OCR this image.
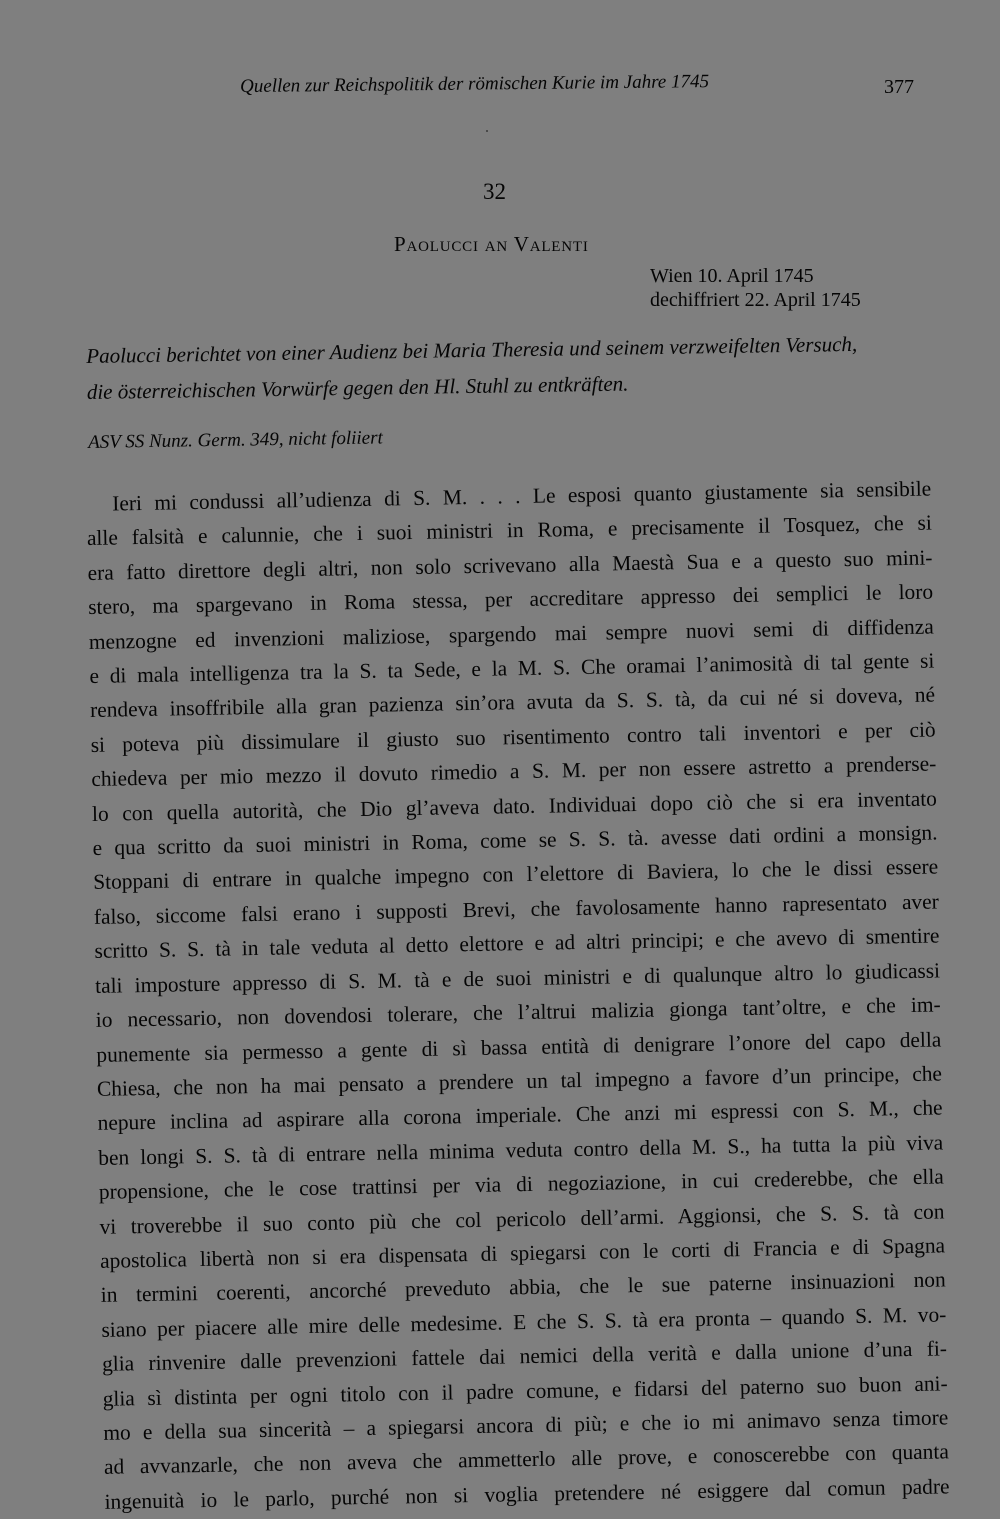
Quellen zur Reichspolitik der römischen Kurie im Jahre 1745	377
32
Paolucci an Valenti
Wien 10. April 1745
dechiffriert 22. April 1745
Paolucci berichtet von einer Audienz bei Maria Theresia und seinem verzweifelten Versuch,
die österreichischen Vorwürfe gegen den Hl. Stuhl zu entkräften.
ASV SS Nunz. Germ. 349, nicht foliiert
Ieri mi condussi all’udienza di S. M. . . . Le esposi quanto giustamente sia sensibile
alle falsità e calunnie, che i suoi ministri in Roma, e precisamente il Tosquez, che si
era fatto direttore degli altri, non solo scrivevano alla Maestà Sua e a questo suo mini-
stero, ma spargevano in Roma stessa, per accreditare appresso dei semplici le loro
menzogne ed invenzioni maliziose, spargendo mai sempre nuovi semi di diffidenza
e di mala intelligenza tra la S. ta Sede, e la M. S. Che oramai l’animosità di tal gente si
rendeva insoffribile alla gran pazienza sin’ora avuta da S. S. tà, da cui né si doveva, né
si poteva più dissimulare il giusto suo risentimento contro tali inventori e per ciò
chiedeva per mio mezzo il dovuto rimedio a S. M. per non essere astretto a prenderse-
lo con quella autorità, che Dio gl’aveva dato. Individuai dopo ciò che si era inventato
e qua scritto da suoi ministri in Roma, come se S. S. tà. avesse dati ordini a monsign.
Stoppani di entrare in qualche impegno con l’elettore di Baviera, lo che le dissi essere
falso, siccome falsi erano i supposti Brevi, che favolosamente hanno rapresentato aver
scritto S. S. tà in tale veduta al detto elettore e ad altri principi; e che avevo di smentire
tali imposture appresso di S. M. tà e de suoi ministri e di qualunque altro lo giudicassi
io necessario, non dovendosi tolerare, che l’altrui malizia gionga tant’oltre, e che im-
punemente sia permesso a gente di sì bassa entità di denigrare l’onore del capo della
Chiesa, che non ha mai pensato a prendere un tal impegno a favore d’un principe, che
nepure inclina ad aspirare alla corona imperiale. Che anzi mi espressi con S. M., che
ben longi S. S. tà di entrare nella minima veduta contro della M. S., ha tutta la più viva
propensione, che le cose trattinsi per via di negoziazione, in cui crederebbe, che ella
vi troverebbe il suo conto più che col pericolo dell’armi. Aggionsi, che S. S. tà con
apostolica libertà non si era dispensata di spiegarsi con le corti di Francia e di Spagna
in termini coerenti, ancorché preveduto abbia, che le sue paterne insinuazioni non
siano per piacere alle mire delle medesime. E che S. S. tà era pronta – quando S. M. vo-
glia rinvenire dalle prevenzioni fattele dai nemici della verità e dalla unione d’una fi-
glia sì distinta per ogni titolo con il padre comune, e fidarsi del paterno suo buon ani-
mo e della sua sincerità – a spiegarsi ancora di più; e che io mi animavo senza timore
ad avvanzarle, che non aveva che ammetterlo alle prove, e conoscerebbe con quanta
ingenuità io le parlo, purché non si voglia pretendere né esiggere dal comun padre
